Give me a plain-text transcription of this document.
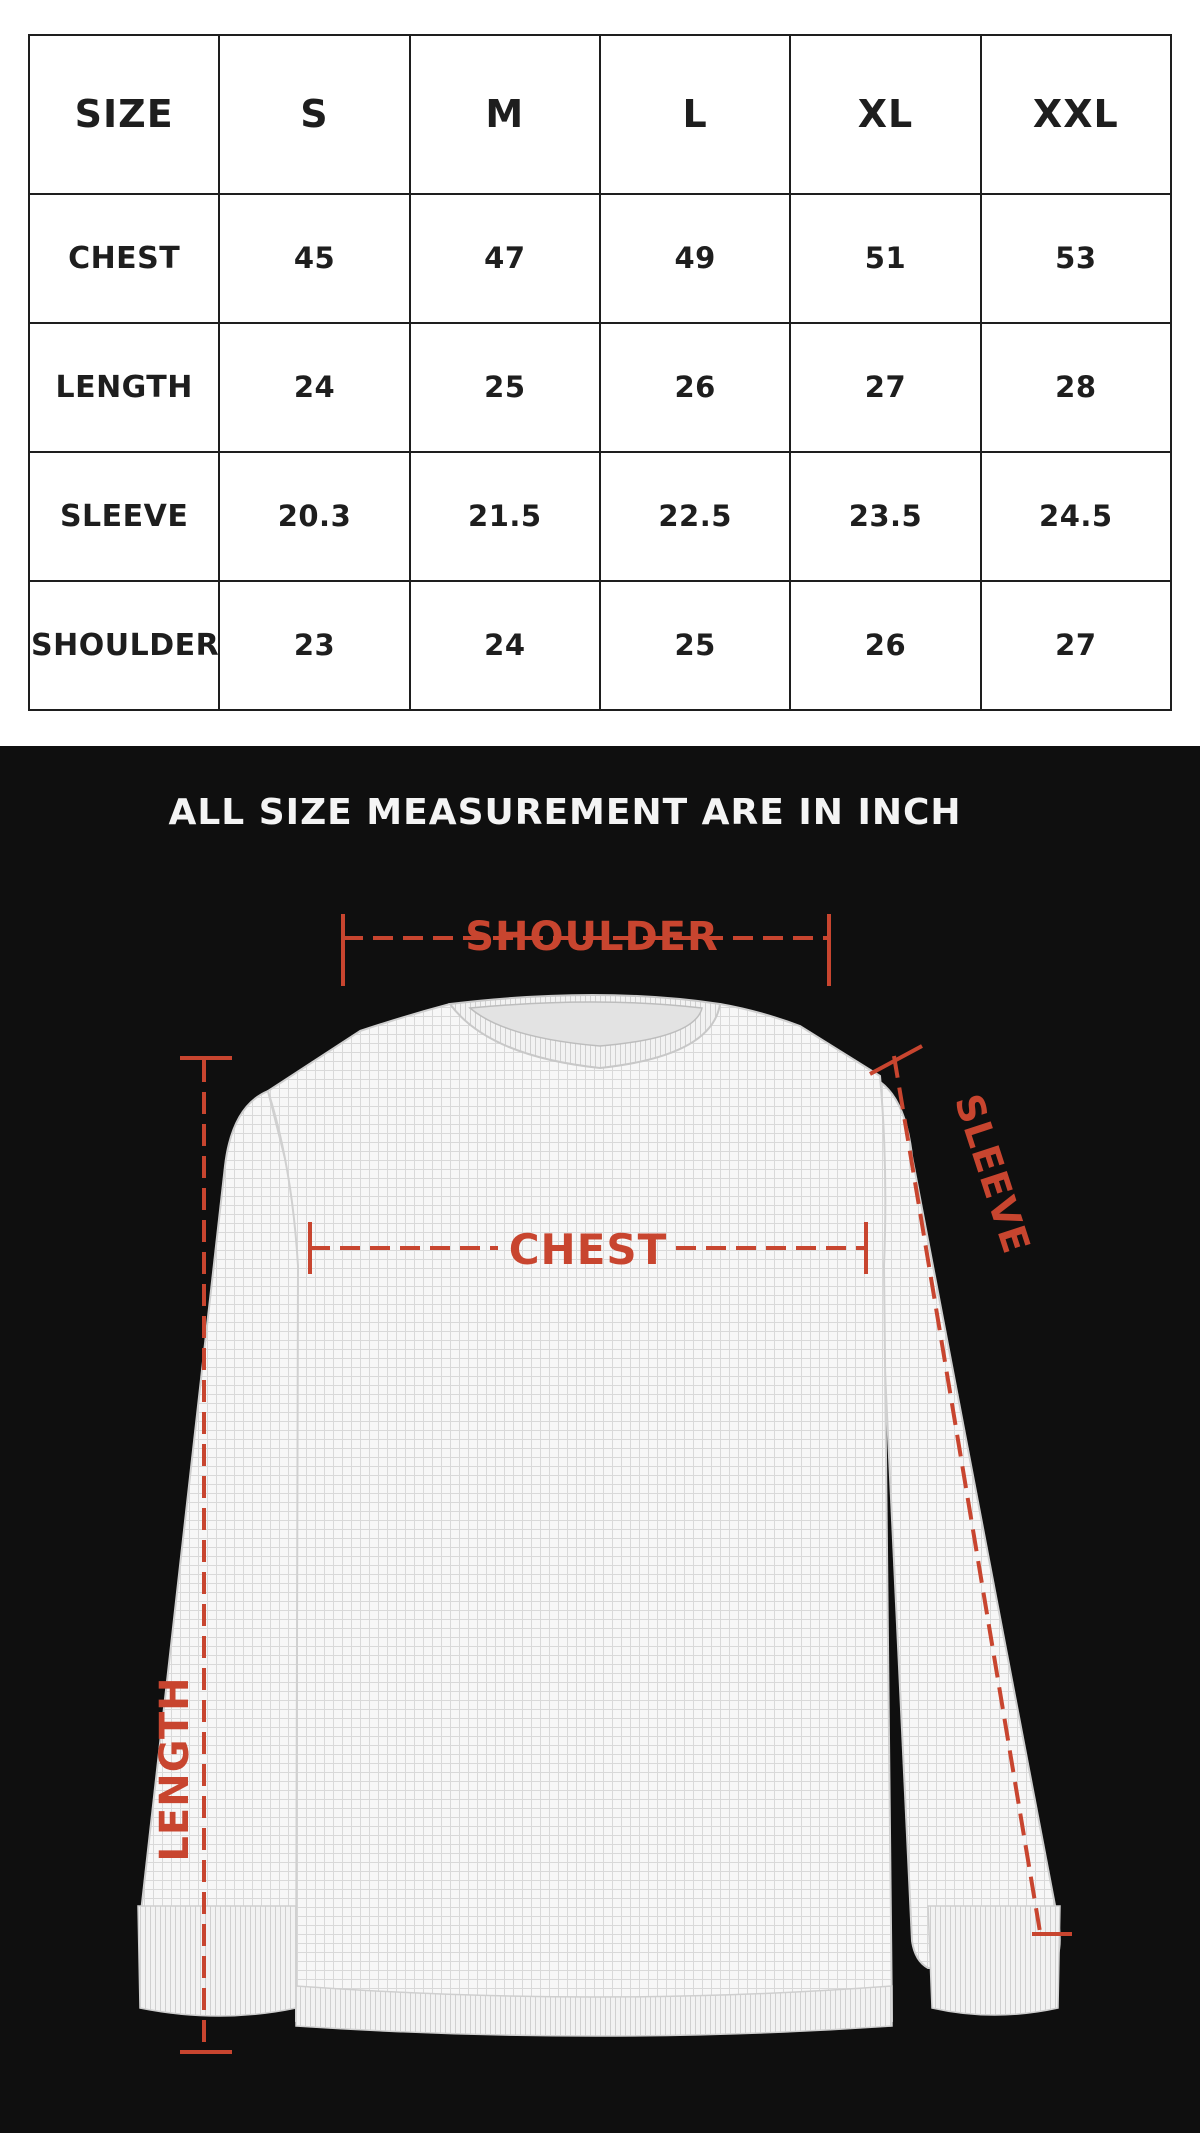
SIZE	S	M	L	XL	XXL
CHEST	45	47	49	51	53
LENGTH	24	25	26	27	28
SLEEVE	20.3	21.5	22.5	23.5	24.5
SHOULDER	23	24	25	26	27
ALL SIZE MEASUREMENT ARE IN INCH
SHOULDER
CHEST
LENGTH
SLEEVE
